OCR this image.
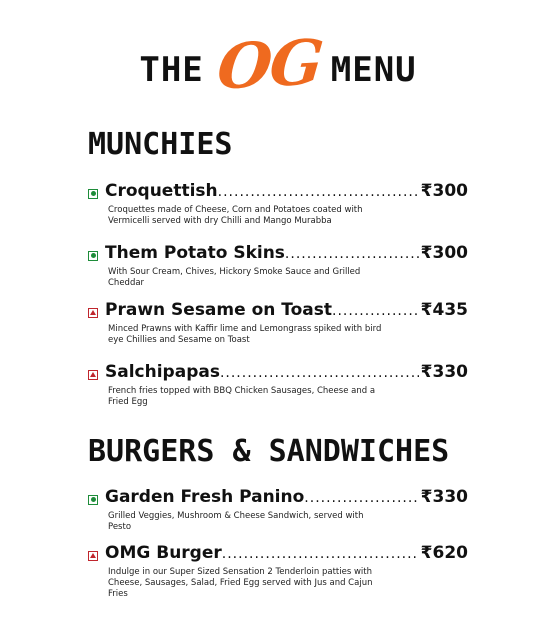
THE OG MENU
MUNCHIES
Croquettish .....	₹300
Croquettes made of Cheese, Corn and Potatoes coated with Vermicelli served with dry Chilli and Mango Murabba
Them Potato Skins .....	₹300
With Sour Cream, Chives, Hickory Smoke Sauce and Grilled Cheddar
Prawn Sesame on Toast .....	₹435
Minced Prawns with Kaffir lime and Lemongrass spiked with bird eye Chillies and Sesame on Toast
Salchipapas .....	₹330
French fries topped with BBQ Chicken Sausages, Cheese and a Fried Egg
BURGERS & SANDWICHES
Garden Fresh Panino .....	₹330
Grilled Veggies, Mushroom & Cheese Sandwich, served with Pesto
OMG Burger .....	₹620
Indulge in our Super Sized Sensation 2 Tenderloin patties with Cheese, Sausages, Salad, Fried Egg served with Jus and Cajun Fries
